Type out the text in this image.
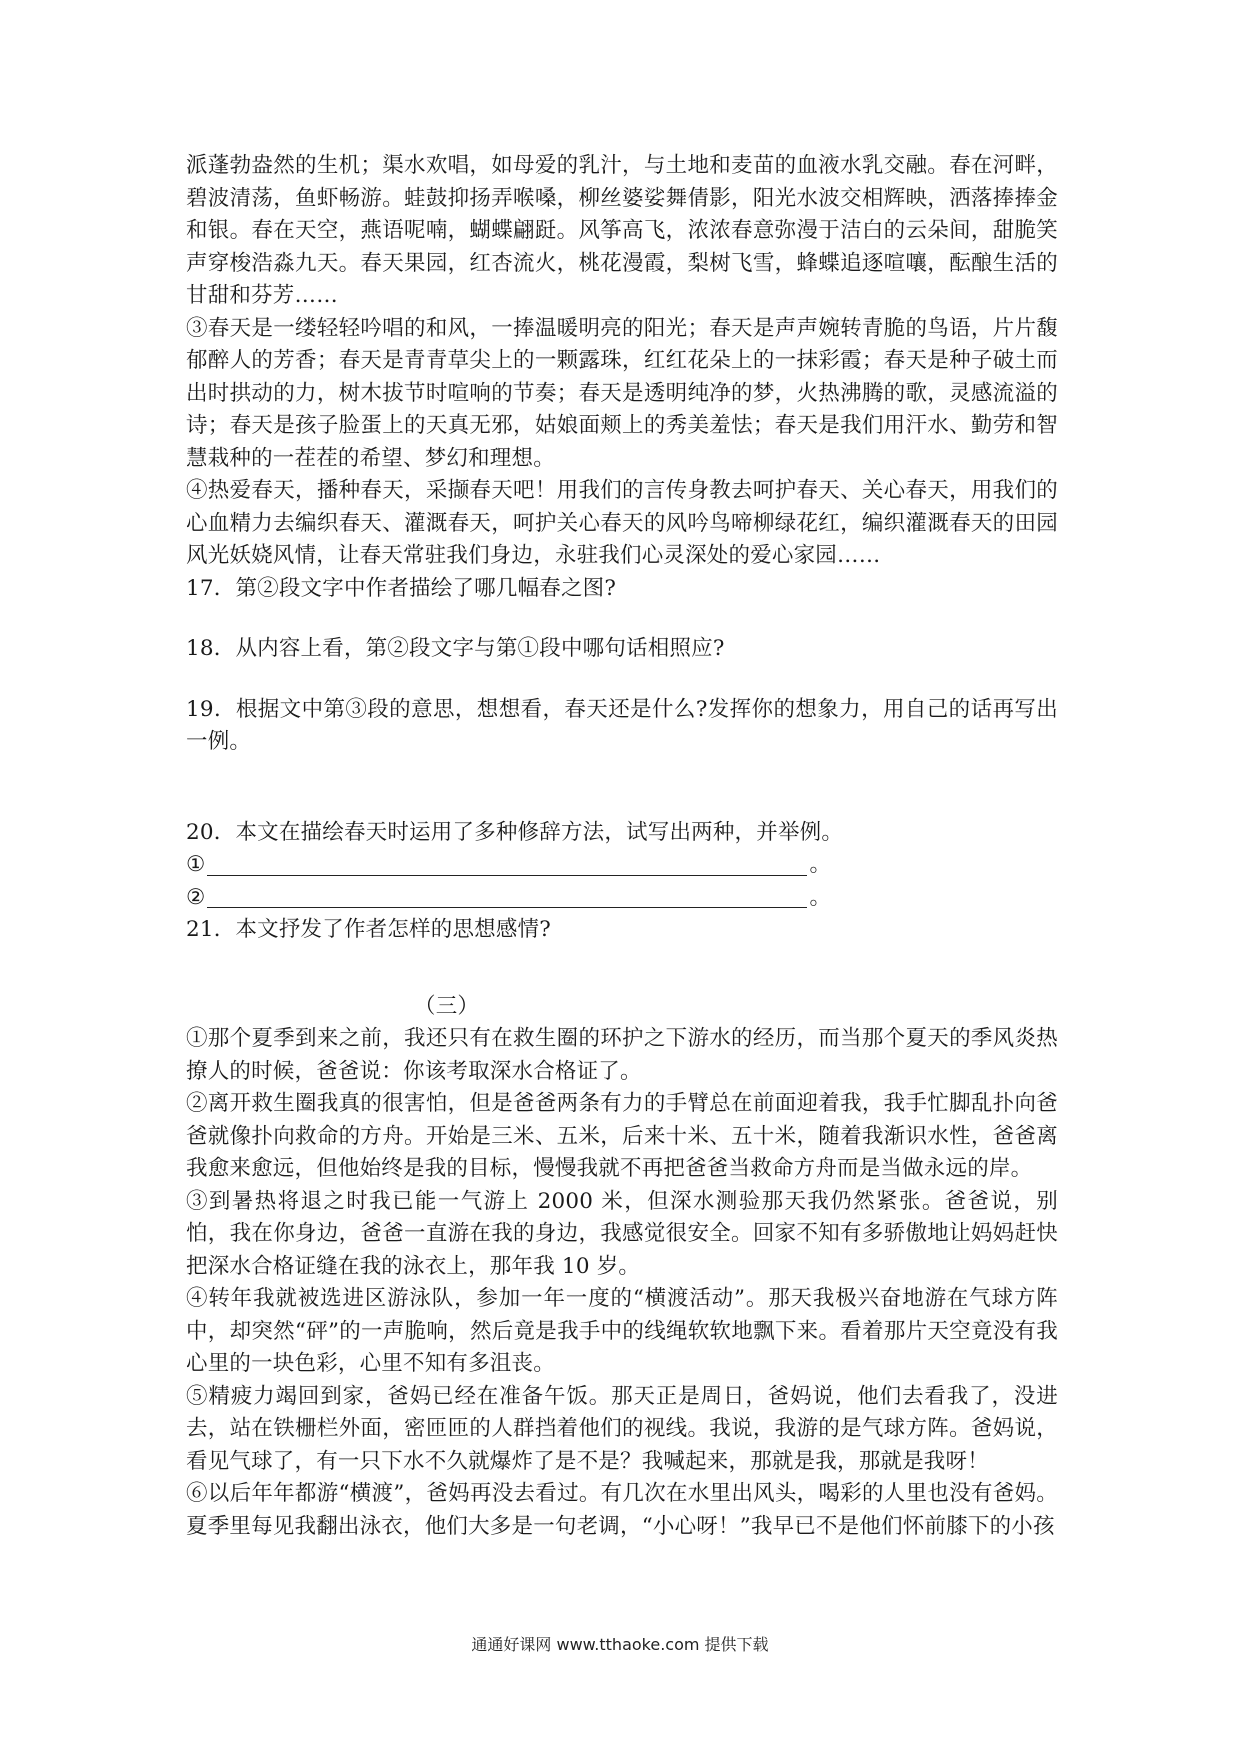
派蓬勃盎然的生机；渠水欢唱，如母爱的乳汁，与土地和麦苗的血液水乳交融。春在河畔，碧波清荡，鱼虾畅游。蛙鼓抑扬弄喉嗓，柳丝婆娑舞倩影，阳光水波交相辉映，洒落捧捧金和银。春在天空，燕语呢喃，蝴蝶翩跹。风筝高飞，浓浓春意弥漫于洁白的云朵间，甜脆笑声穿梭浩淼九天。春天果园，红杏流火，桃花漫霞，梨树飞雪，蜂蝶追逐喧嚷，酝酿生活的甘甜和芬芳……

③春天是一缕轻轻吟唱的和风，一捧温暖明亮的阳光；春天是声声婉转青脆的鸟语，片片馥郁醉人的芳香；春天是青青草尖上的一颗露珠，红红花朵上的一抹彩霞；春天是种子破土而出时拱动的力，树木拔节时喧响的节奏；春天是透明纯净的梦，火热沸腾的歌，灵感流溢的诗；春天是孩子脸蛋上的天真无邪，姑娘面颊上的秀美羞怯；春天是我们用汗水、勤劳和智慧栽种的一茬茬的希望、梦幻和理想。

④热爱春天，播种春天，采撷春天吧！用我们的言传身教去呵护春天、关心春天，用我们的心血精力去编织春天、灌溉春天，呵护关心春天的风吟鸟啼柳绿花红，编织灌溉春天的田园风光妖娆风情，让春天常驻我们身边，永驻我们心灵深处的爱心家园……

17．第②段文字中作者描绘了哪几幅春之图?

18．从内容上看，第②段文字与第①段中哪句话相照应?

19．根据文中第③段的意思，想想看，春天还是什么?发挥你的想象力，用自己的话再写出一例。

20．本文在描绘春天时运用了多种修辞方法，试写出两种，并举例。

①	。
②	。

21．本文抒发了作者怎样的思想感情?

（三）

①那个夏季到来之前，我还只有在救生圈的环护之下游水的经历，而当那个夏天的季风炎热撩人的时候，爸爸说：你该考取深水合格证了。

②离开救生圈我真的很害怕，但是爸爸两条有力的手臂总在前面迎着我，我手忙脚乱扑向爸爸就像扑向救命的方舟。开始是三米、五米，后来十米、五十米，随着我渐识水性，爸爸离我愈来愈远，但他始终是我的目标，慢慢我就不再把爸爸当救命方舟而是当做永远的岸。

③到暑热将退之时我已能一气游上 2000 米，但深水测验那天我仍然紧张。爸爸说，别怕，我在你身边，爸爸一直游在我的身边，我感觉很安全。回家不知有多骄傲地让妈妈赶快把深水合格证缝在我的泳衣上，那年我 10 岁。

④转年我就被选进区游泳队，参加一年一度的“横渡活动”。那天我极兴奋地游在气球方阵中，却突然“砰”的一声脆响，然后竟是我手中的线绳软软地飘下来。看着那片天空竟没有我心里的一块色彩，心里不知有多沮丧。

⑤精疲力竭回到家，爸妈已经在准备午饭。那天正是周日，爸妈说，他们去看我了，没进去，站在铁栅栏外面，密匝匝的人群挡着他们的视线。我说，我游的是气球方阵。爸妈说，看见气球了，有一只下水不久就爆炸了是不是？我喊起来，那就是我，那就是我呀！

⑥以后年年都游“横渡”，爸妈再没去看过。有几次在水里出风头，喝彩的人里也没有爸妈。夏季里每见我翻出泳衣，他们大多是一句老调，“小心呀！”我早已不是他们怀前膝下的小孩

通通好课网 www.tthaoke.com 提供下载
